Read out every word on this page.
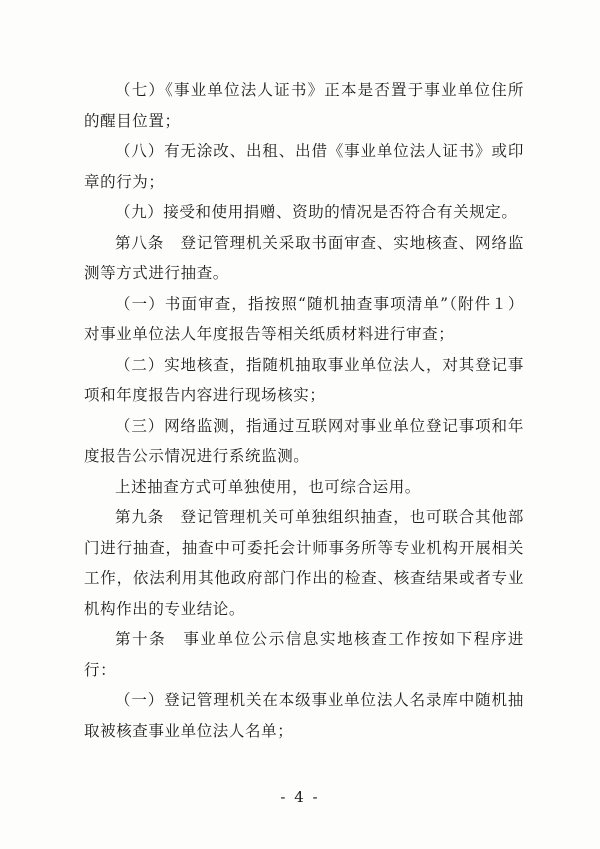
（七）《事业单位法人证书》正本是否置于事业单位住所的醒目位置；

（八）有无涂改、出租、出借《事业单位法人证书》或印章的行为；

（九）接受和使用捐赠、资助的情况是否符合有关规定。

第八条　登记管理机关采取书面审查、实地核查、网络监测等方式进行抽查。

（一）书面审查，指按照“随机抽查事项清单”（附件１）对事业单位法人年度报告等相关纸质材料进行审查；

（二）实地核查，指随机抽取事业单位法人，对其登记事项和年度报告内容进行现场核实；

（三）网络监测，指通过互联网对事业单位登记事项和年度报告公示情况进行系统监测。

上述抽查方式可单独使用，也可综合运用。

第九条　登记管理机关可单独组织抽查，也可联合其他部门进行抽查，抽查中可委托会计师事务所等专业机构开展相关工作，依法利用其他政府部门作出的检查、核查结果或者专业机构作出的专业结论。

第十条　事业单位公示信息实地核查工作按如下程序进行：

（一）登记管理机关在本级事业单位法人名录库中随机抽取被核查事业单位法人名单；

- 4 -
